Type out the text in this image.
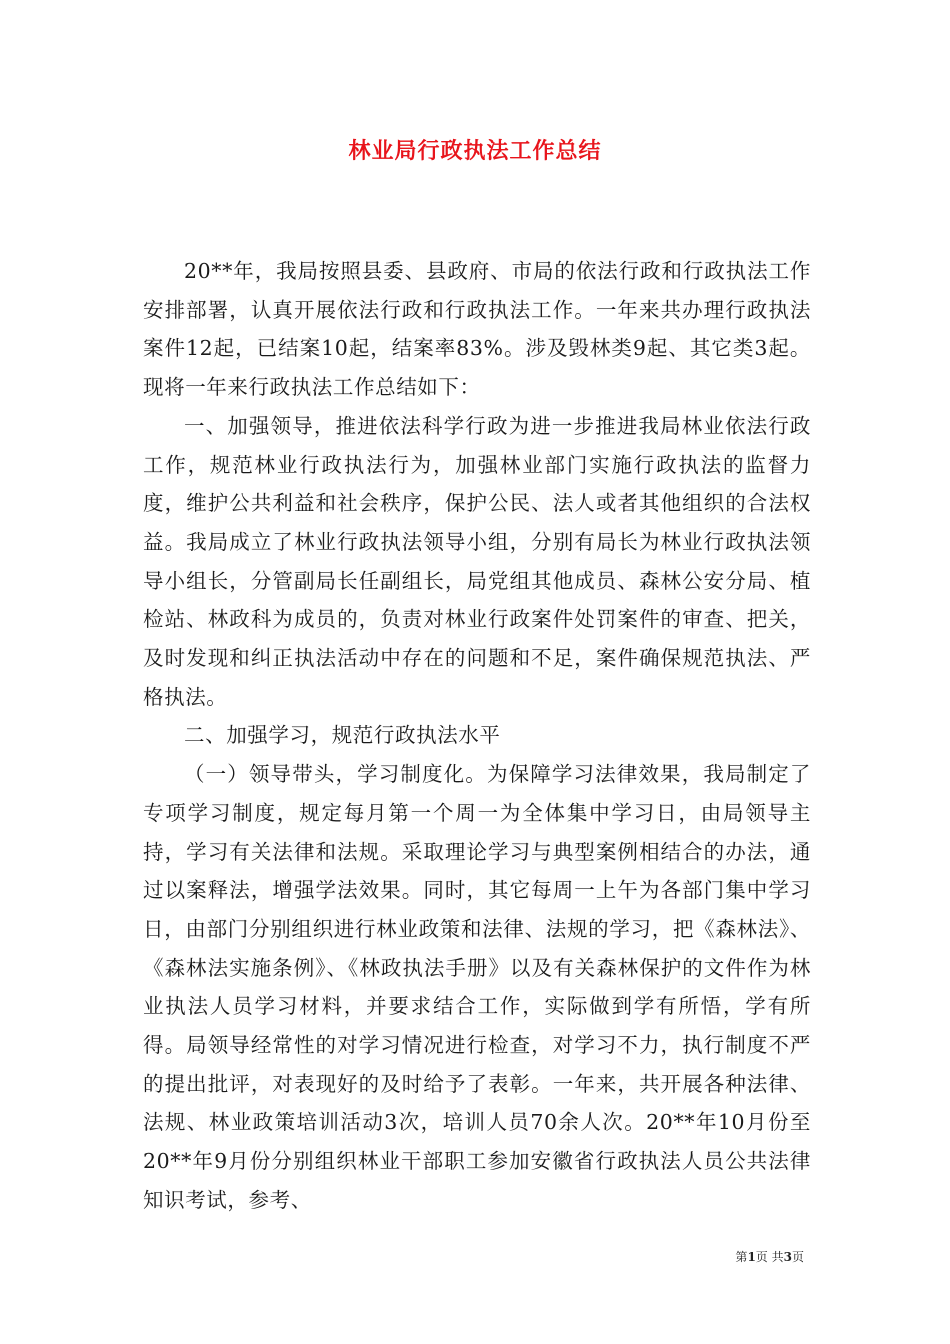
林业局行政执法工作总结

20**年，我局按照县委、县政府、市局的依法行政和行政执法工作安排部署，认真开展依法行政和行政执法工作。一年来共办理行政执法案件12起，已结案10起，结案率83%。涉及毁林类9起、其它类3起。现将一年来行政执法工作总结如下：

一、加强领导，推进依法科学行政为进一步推进我局林业依法行政工作，规范林业行政执法行为，加强林业部门实施行政执法的监督力度，维护公共利益和社会秩序，保护公民、法人或者其他组织的合法权益。我局成立了林业行政执法领导小组，分别有局长为林业行政执法领导小组长，分管副局长任副组长，局党组其他成员、森林公安分局、植检站、林政科为成员的，负责对林业行政案件处罚案件的审查、把关，及时发现和纠正执法活动中存在的问题和不足，案件确保规范执法、严格执法。

二、加强学习，规范行政执法水平

（一）领导带头，学习制度化。为保障学习法律效果，我局制定了专项学习制度，规定每月第一个周一为全体集中学习日，由局领导主持，学习有关法律和法规。采取理论学习与典型案例相结合的办法，通过以案释法，增强学法效果。同时，其它每周一上午为各部门集中学习日，由部门分别组织进行林业政策和法律、法规的学习，把《森林法》、《森林法实施条例》、《林政执法手册》以及有关森林保护的文件作为林业执法人员学习材料，并要求结合工作，实际做到学有所悟，学有所得。局领导经常性的对学习情况进行检查，对学习不力，执行制度不严的提出批评，对表现好的及时给予了表彰。一年来，共开展各种法律、法规、林业政策培训活动3次，培训人员70余人次。20**年10月份至20**年9月份分别组织林业干部职工参加安徽省行政执法人员公共法律知识考试，参考、

第1页 共3页
